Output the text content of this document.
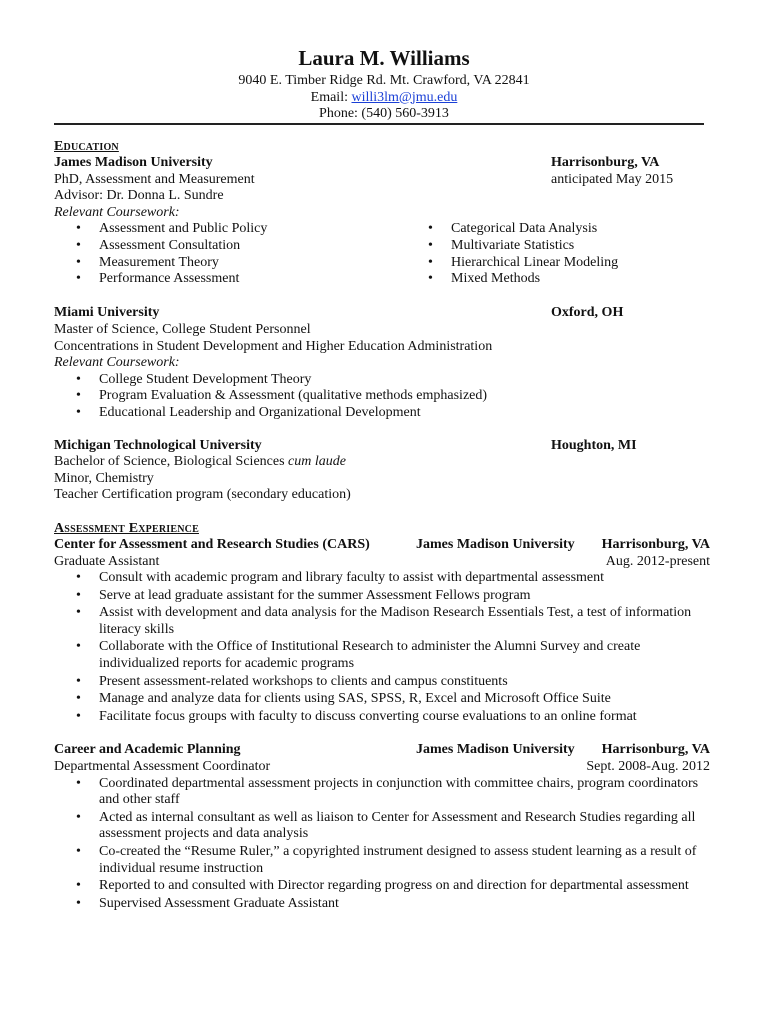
Laura M. Williams
9040 E. Timber Ridge Rd. Mt. Crawford, VA 22841
Email: willi3lm@jmu.edu
Phone: (540) 560-3913
Education
James Madison University	Harrisonburg, VA
PhD, Assessment and Measurement	anticipated May 2015
Advisor: Dr. Donna L. Sundre
Relevant Coursework:
• Assessment and Public Policy
• Assessment Consultation
• Measurement Theory
• Performance Assessment
• Categorical Data Analysis
• Multivariate Statistics
• Hierarchical Linear Modeling
• Mixed Methods
Miami University	Oxford, OH
Master of Science, College Student Personnel
Concentrations in Student Development and Higher Education Administration
Relevant Coursework:
• College Student Development Theory
• Program Evaluation & Assessment (qualitative methods emphasized)
• Educational Leadership and Organizational Development
Michigan Technological University	Houghton, MI
Bachelor of Science, Biological Sciences cum laude
Minor, Chemistry
Teacher Certification program (secondary education)
Assessment Experience
Center for Assessment and Research Studies (CARS)	James Madison University Harrisonburg, VA
Graduate Assistant	Aug. 2012-present
• Consult with academic program and library faculty to assist with departmental assessment
• Serve at lead graduate assistant for the summer Assessment Fellows program
• Assist with development and data analysis for the Madison Research Essentials Test, a test of information literacy skills
• Collaborate with the Office of Institutional Research to administer the Alumni Survey and create individualized reports for academic programs
• Present assessment-related workshops to clients and campus constituents
• Manage and analyze data for clients using SAS, SPSS, R, Excel and Microsoft Office Suite
• Facilitate focus groups with faculty to discuss converting course evaluations to an online format
Career and Academic Planning	James Madison University Harrisonburg, VA
Departmental Assessment Coordinator	Sept. 2008-Aug. 2012
• Coordinated departmental assessment projects in conjunction with committee chairs, program coordinators and other staff
• Acted as internal consultant as well as liaison to Center for Assessment and Research Studies regarding all assessment projects and data analysis
• Co-created the “Resume Ruler,” a copyrighted instrument designed to assess student learning as a result of individual resume instruction
• Reported to and consulted with Director regarding progress on and direction for departmental assessment
• Supervised Assessment Graduate Assistant
